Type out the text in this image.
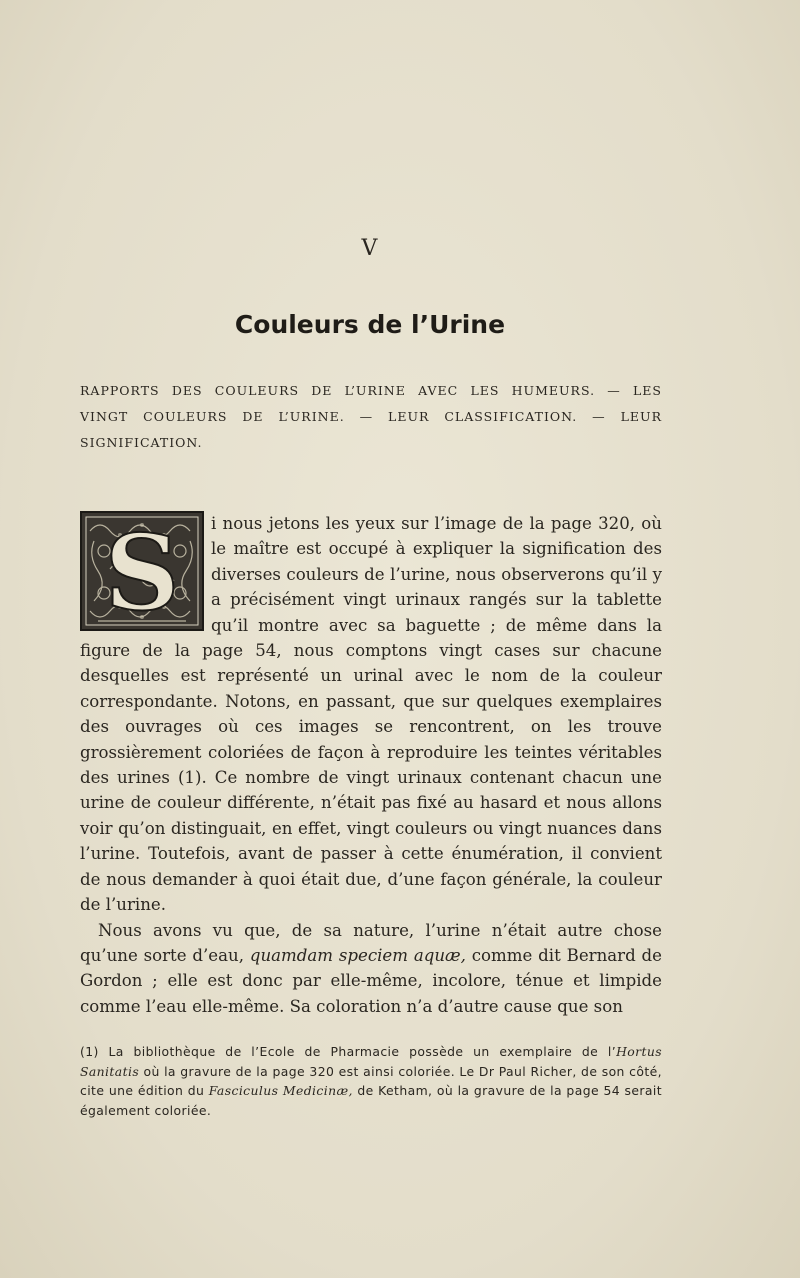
V
Couleurs de l’Urine
RAPPORTS DES COULEURS DE L’URINE AVEC LES HUMEURS. — LES
VINGT COULEURS DE L’URINE. — LEUR CLASSIFICATION. — LEUR
SIGNIFICATION.
S	i nous jetons les yeux sur l’image de la page 320, où le maître est occupé à expliquer la signification des diverses couleurs de l’urine, nous observerons qu’il y a précisément vingt urinaux rangés sur la tablette qu’il montre avec sa baguette ; de même dans la figure de la page 54, nous comptons vingt cases sur chacune desquelles est représenté un urinal avec le nom de la couleur correspondante. Notons, en passant, que sur quelques exemplaires des ouvrages où ces images se rencontrent, on les trouve grossièrement coloriées de façon à reproduire les teintes véritables des urines (1). Ce nombre de vingt urinaux contenant chacun une urine de couleur différente, n’était pas fixé au hasard et nous allons voir qu’on distinguait, en effet, vingt couleurs ou vingt nuances dans l’urine. Toutefois, avant de passer à cette énumération, il convient de nous demander à quoi était due, d’une façon générale, la couleur de l’urine.

Nous avons vu que, de sa nature, l’urine n’était autre chose qu’une sorte d’eau, quamdam speciem aquæ, comme dit Bernard de Gordon ; elle est donc par elle-même, incolore, ténue et limpide comme l’eau elle-même. Sa coloration n’a d’autre cause que son

(1) La bibliothèque de l’Ecole de Pharmacie possède un exemplaire de l’Hortus Sanitatis où la gravure de la page 320 est ainsi coloriée. Le Dr Paul Richer, de son côté, cite une édition du Fasciculus Medicinæ, de Ketham, où la gravure de la page 54 serait également coloriée.
